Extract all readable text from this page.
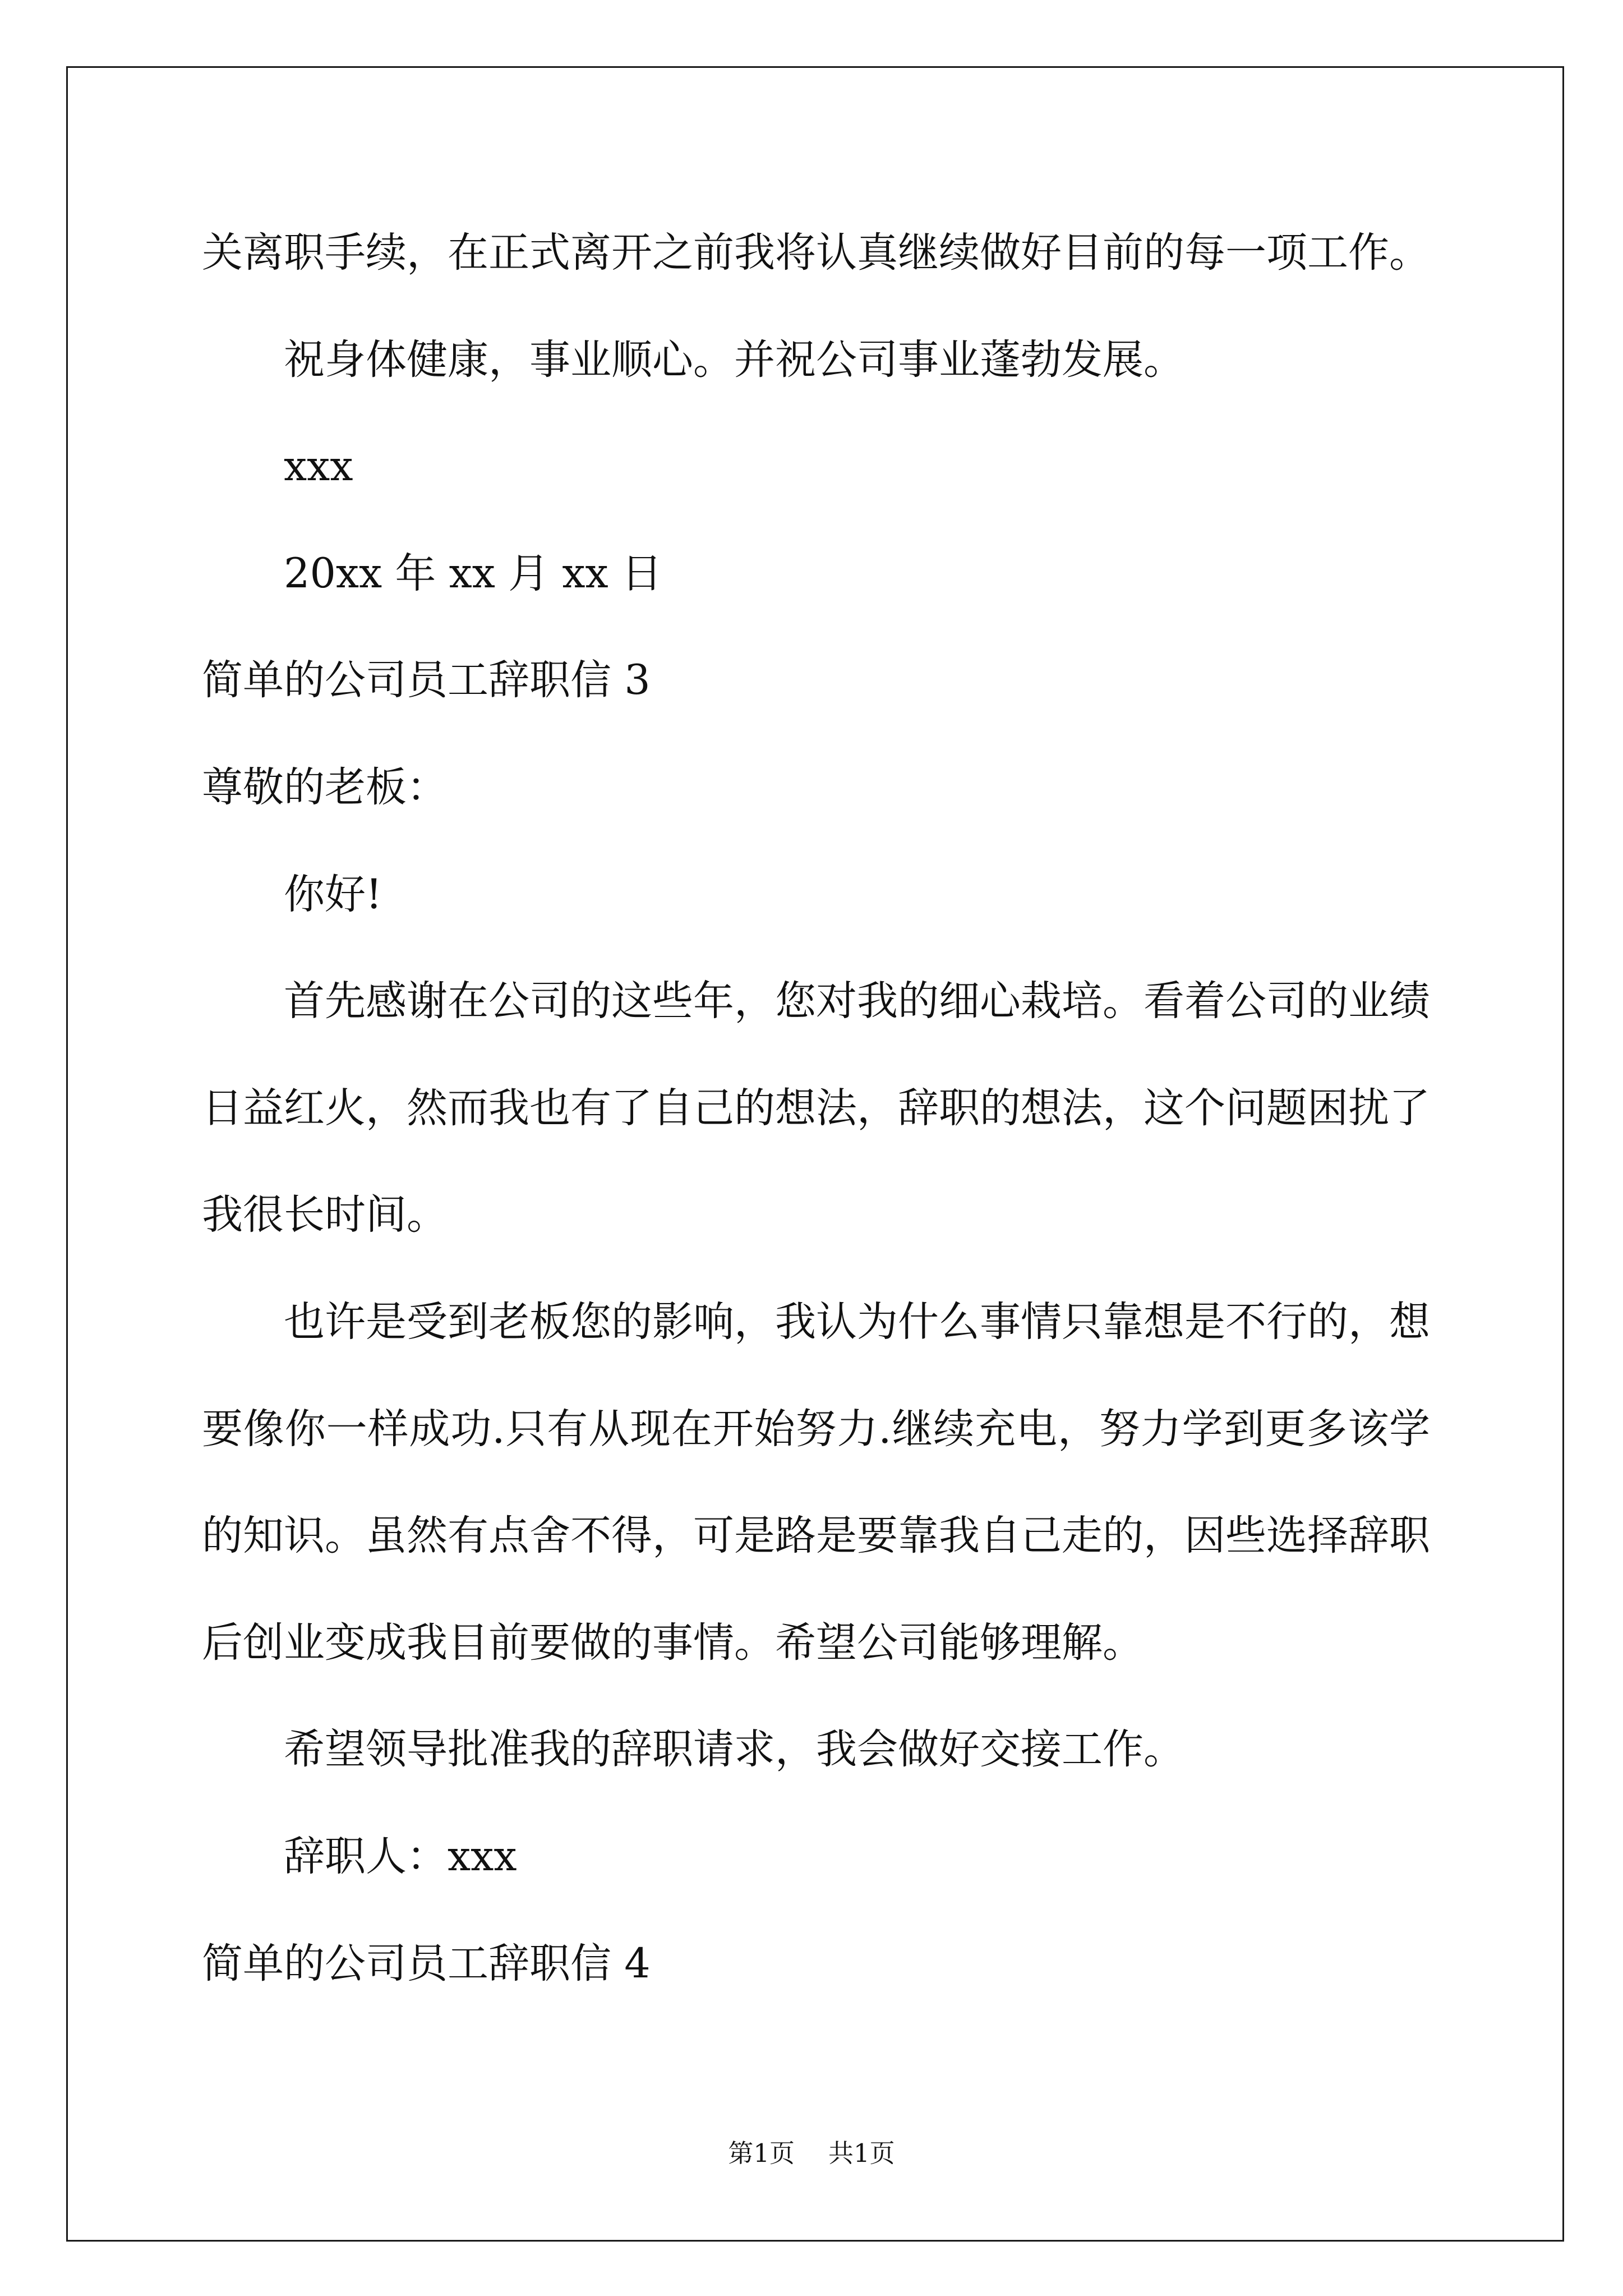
关离职手续，在正式离开之前我将认真继续做好目前的每一项工作。

祝身体健康，事业顺心。并祝公司事业蓬勃发展。

xxx

20xx 年 xx 月 xx 日

简单的公司员工辞职信 3

尊敬的老板：

你好!

首先感谢在公司的这些年，您对我的细心栽培。看着公司的业绩
日益红火，然而我也有了自己的想法，辞职的想法，这个问题困扰了
我很长时间。

也许是受到老板您的影响，我认为什么事情只靠想是不行的，想
要像你一样成功.只有从现在开始努力.继续充电，努力学到更多该学
的知识。虽然有点舍不得，可是路是要靠我自己走的，因些选择辞职
后创业变成我目前要做的事情。希望公司能够理解。

希望领导批准我的辞职请求，我会做好交接工作。

辞职人：xxx

简单的公司员工辞职信 4

第1页 共1页
